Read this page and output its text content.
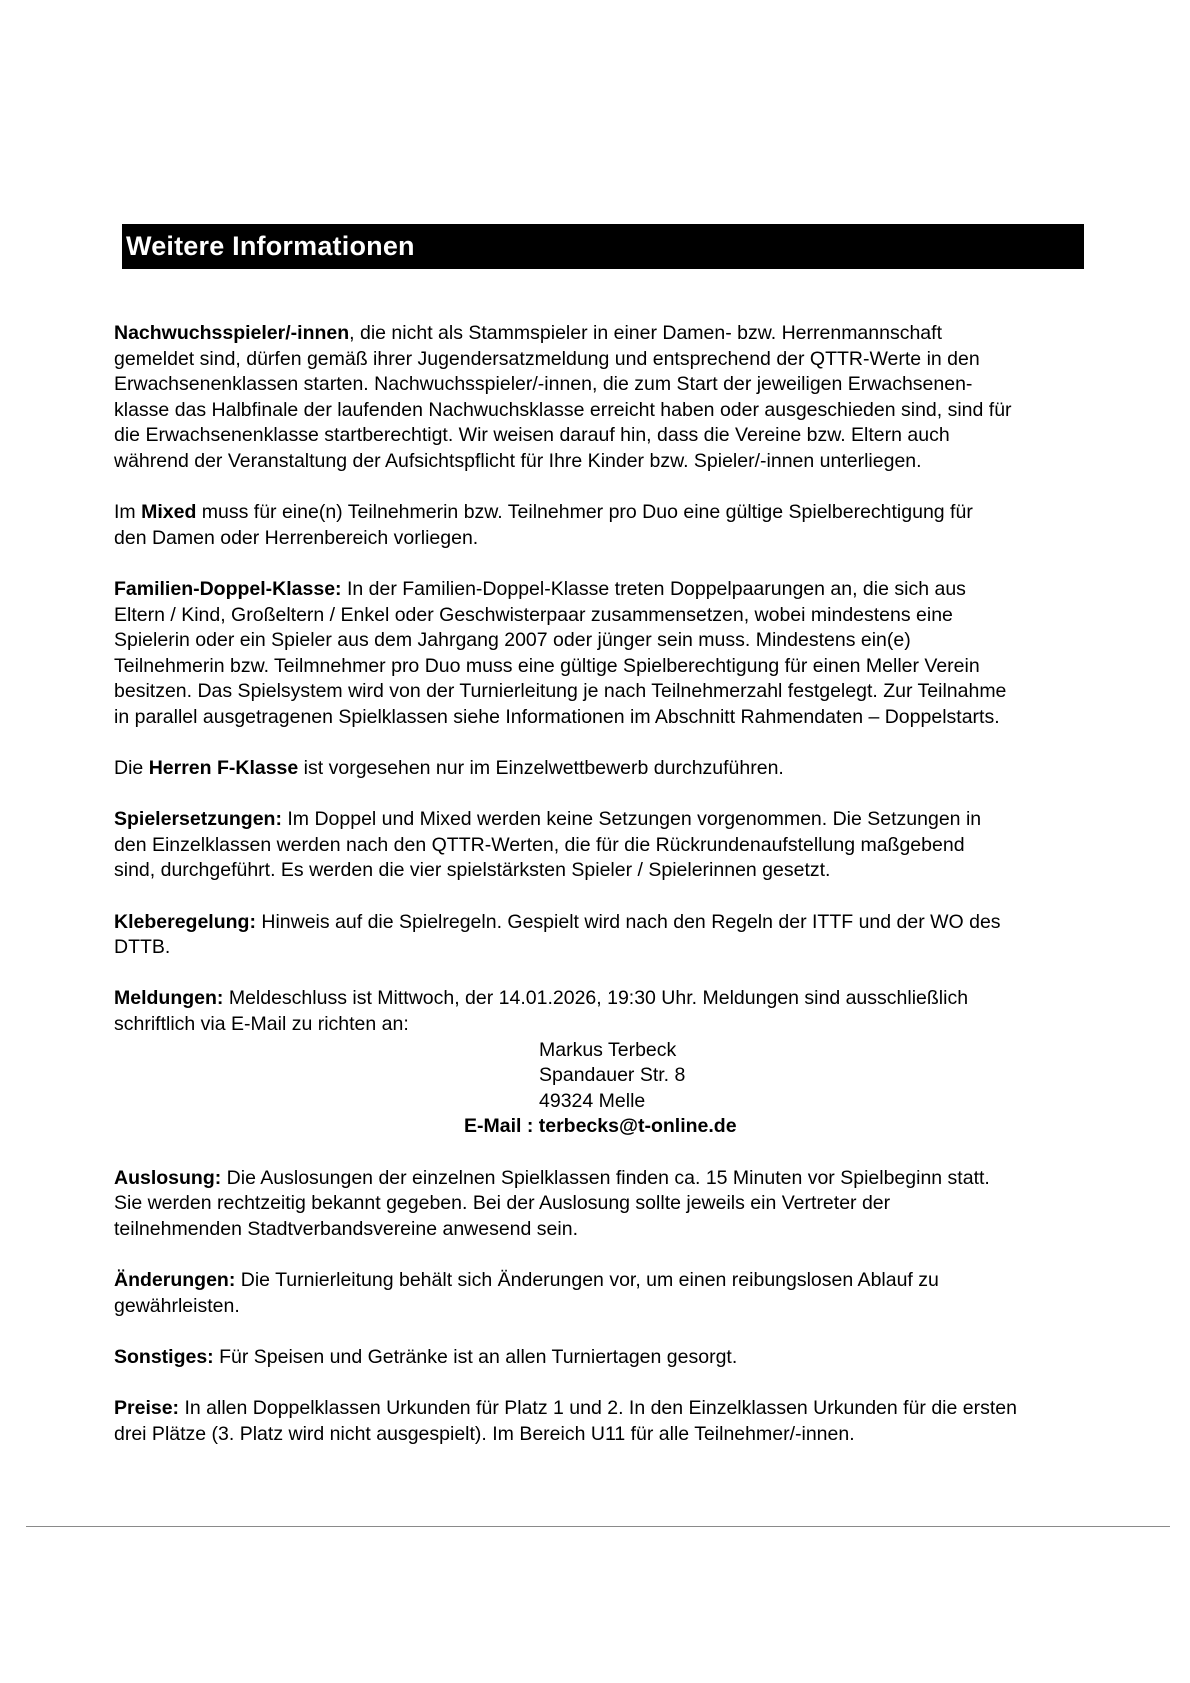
Weitere Informationen
Nachwuchsspieler/-innen, die nicht als Stammspieler in einer Damen- bzw. Herrenmannschaft
gemeldet sind, dürfen gemäß ihrer Jugendersatzmeldung und entsprechend der QTTR-Werte in den
Erwachsenenklassen starten. Nachwuchsspieler/-innen, die zum Start der jeweiligen Erwachsenen-
klasse das Halbfinale der laufenden Nachwuchsklasse erreicht haben oder ausgeschieden sind, sind für
die Erwachsenenklasse startberechtigt. Wir weisen darauf hin, dass die Vereine bzw. Eltern auch
während der Veranstaltung der Aufsichtspflicht für Ihre Kinder bzw. Spieler/-innen unterliegen.
Im Mixed muss für eine(n) Teilnehmerin bzw. Teilnehmer pro Duo eine gültige Spielberechtigung für
den Damen oder Herrenbereich vorliegen.
Familien-Doppel-Klasse: In der Familien-Doppel-Klasse treten Doppelpaarungen an, die sich aus
Eltern / Kind, Großeltern / Enkel oder Geschwisterpaar zusammensetzen, wobei mindestens eine
Spielerin oder ein Spieler aus dem Jahrgang 2007 oder jünger sein muss. Mindestens ein(e)
Teilnehmerin bzw. Teilmnehmer pro Duo muss eine gültige Spielberechtigung für einen Meller Verein
besitzen. Das Spielsystem wird von der Turnierleitung je nach Teilnehmerzahl festgelegt. Zur Teilnahme
in parallel ausgetragenen Spielklassen siehe Informationen im Abschnitt Rahmendaten – Doppelstarts.
Die Herren F-Klasse ist vorgesehen nur im Einzelwettbewerb durchzuführen.
Spielersetzungen: Im Doppel und Mixed werden keine Setzungen vorgenommen. Die Setzungen in
den Einzelklassen werden nach den QTTR-Werten, die für die Rückrundenaufstellung maßgebend
sind, durchgeführt. Es werden die vier spielstärksten Spieler / Spielerinnen gesetzt.
Kleberegelung: Hinweis auf die Spielregeln. Gespielt wird nach den Regeln der ITTF und der WO des
DTTB.
Meldungen: Meldeschluss ist Mittwoch, der 14.01.2026, 19:30 Uhr. Meldungen sind ausschließlich
schriftlich via E-Mail zu richten an:
Markus Terbeck
Spandauer Str. 8
49324 Melle
E-Mail : terbecks@t-online.de
Auslosung: Die Auslosungen der einzelnen Spielklassen finden ca. 15 Minuten vor Spielbeginn statt.
Sie werden rechtzeitig bekannt gegeben. Bei der Auslosung sollte jeweils ein Vertreter der
teilnehmenden Stadtverbandsvereine anwesend sein.
Änderungen: Die Turnierleitung behält sich Änderungen vor, um einen reibungslosen Ablauf zu
gewährleisten.
Sonstiges: Für Speisen und Getränke ist an allen Turniertagen gesorgt.
Preise: In allen Doppelklassen Urkunden für Platz 1 und 2. In den Einzelklassen Urkunden für die ersten
drei Plätze (3. Platz wird nicht ausgespielt). Im Bereich U11 für alle Teilnehmer/-innen.
